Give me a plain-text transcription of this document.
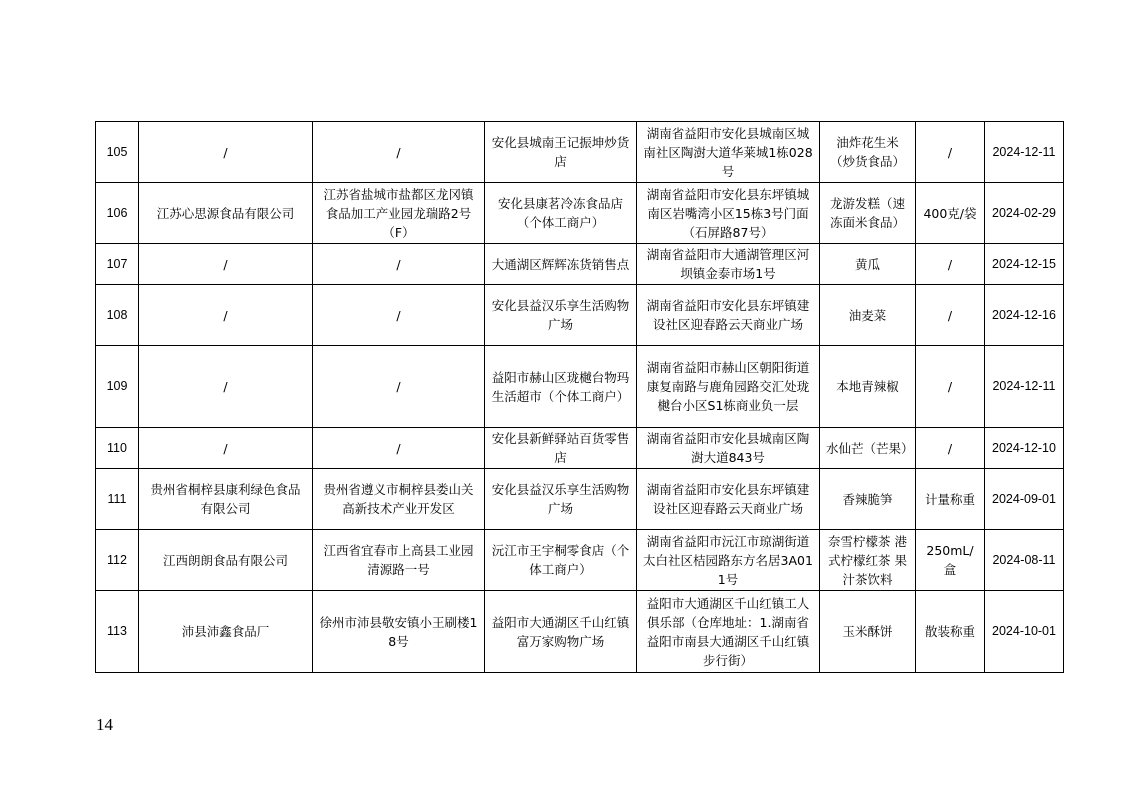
105	/	/	安化县城南王记振坤炒货店	湖南省益阳市安化县城南区城南社区陶澍大道华莱城1栋028号	油炸花生米（炒货食品）	/	2024-12-11
106	江苏心思源食品有限公司	江苏省盐城市盐都区龙冈镇食品加工产业园龙瑞路2号（F）	安化县康茗冷冻食品店（个体工商户）	湖南省益阳市安化县东坪镇城南区岩嘴湾小区15栋3号门面（石屏路87号）	龙游发糕（速冻面米食品）	400克/袋	2024-02-29
107	/	/	大通湖区辉辉冻货销售点	湖南省益阳市大通湖管理区河坝镇金泰市场1号	黄瓜	/	2024-12-15
108	/	/	安化县益汉乐享生活购物广场	湖南省益阳市安化县东坪镇建设社区迎春路云天商业广场	油麦菜	/	2024-12-16
109	/	/	益阳市赫山区珑樾台物玛生活超市（个体工商户）	湖南省益阳市赫山区朝阳街道康复南路与鹿角园路交汇处珑樾台小区S1栋商业负一层	本地青辣椒	/	2024-12-11
110	/	/	安化县新鲜驿站百货零售店	湖南省益阳市安化县城南区陶澍大道843号	水仙芒（芒果）	/	2024-12-10
111	贵州省桐梓县康利绿色食品有限公司	贵州省遵义市桐梓县娄山关高新技术产业开发区	安化县益汉乐享生活购物广场	湖南省益阳市安化县东坪镇建设社区迎春路云天商业广场	香辣脆笋	计量称重	2024-09-01
112	江西朗朗食品有限公司	江西省宜春市上高县工业园清源路一号	沅江市王宇桐零食店（个体工商户）	湖南省益阳市沅江市琼湖街道太白社区桔园路东方名居3A011号	奈雪柠檬茶 港式柠檬红茶 果汁茶饮料	250mL/盒	2024-08-11
113	沛县沛鑫食品厂	徐州市沛县敬安镇小王刷楼18号	益阳市大通湖区千山红镇富万家购物广场	益阳市大通湖区千山红镇工人俱乐部（仓库地址：1.湖南省益阳市南县大通湖区千山红镇步行街）	玉米酥饼	散装称重	2024-10-01
14
